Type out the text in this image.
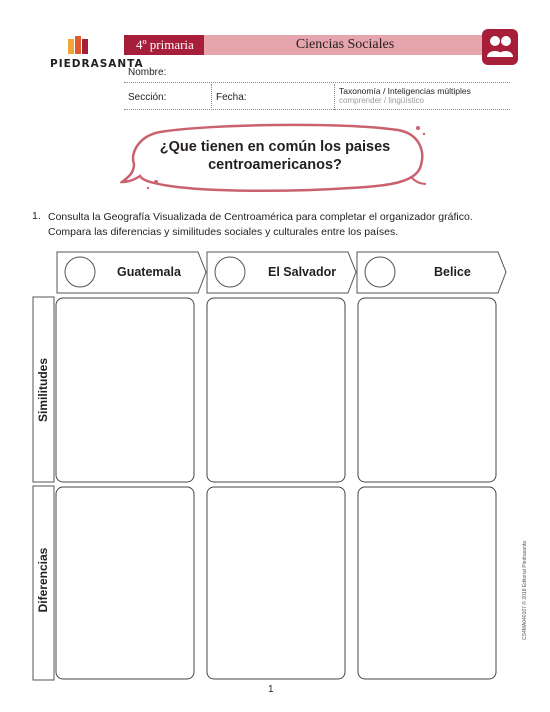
PIEDRASANTA
4º primaria	Ciencias Sociales
Nombre:
Sección:	Fecha:
Taxonomía / Inteligencias múltiples
comprender / lingüístico
¿Que tienen en común los paises
centroamericanos?
1. Consulta la Geografía Visualizada de Centroamérica para completar el organizador gráfico. Compara las diferencias y similitudes sociales y culturales entre los países.
Guatemala	El Salvador	Belice
Similitudes
Diferencias	CS4MA040167 © 2018 Editorial Piedrasanta
1
